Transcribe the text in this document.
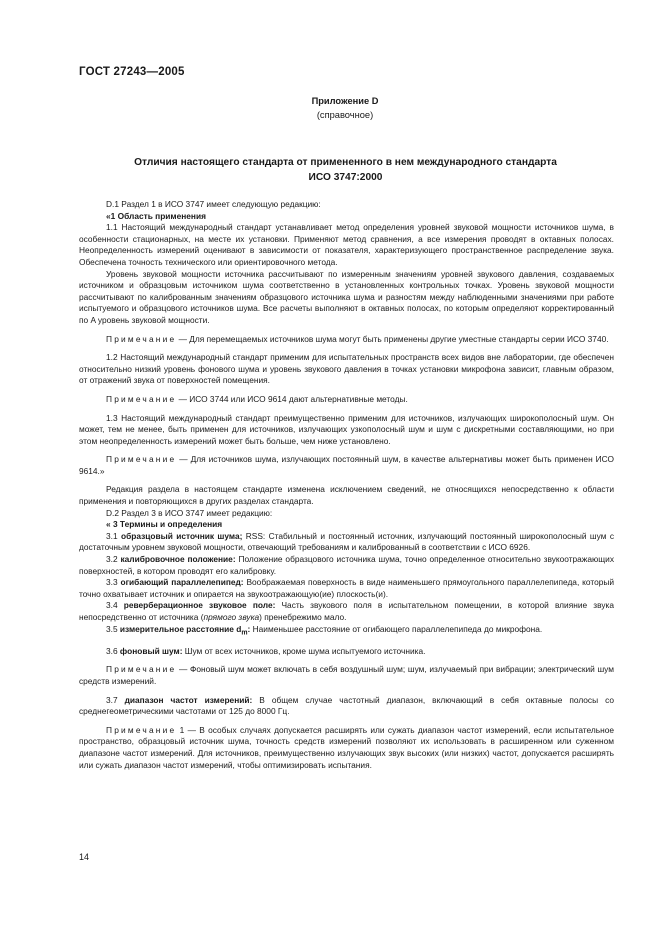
ГОСТ 27243—2005
Приложение D
(справочное)
Отличия настоящего стандарта от примененного в нем международного стандарта
ИСО 3747:2000

D.1 Раздел 1 в ИСО 3747 имеет следующую редакцию:

«1 Область применения

1.1 Настоящий международный стандарт устанавливает метод определения уровней звуковой мощности источников шума, в особенности стационарных, на месте их установки. Применяют метод сравнения, а все измерения проводят в октавных полосах. Неопределенность измерений оценивают в зависимости от показателя, характеризующего пространственное распределение звука. Обеспечена точность технического или ориентировочного метода.

Уровень звуковой мощности источника рассчитывают по измеренным значениям уровней звукового давления, создаваемых источником и образцовым источником шума соответственно в установленных контрольных точках. Уровень звуковой мощности рассчитывают по калиброванным значениям образцового источника шума и разностям между наблюденными значениями при работе испытуемого и образцового источников шума. Все расчеты выполняют в октавных полосах, по которым определяют корректированный по A уровень звуковой мощности.

Примечание — Для перемещаемых источников шума могут быть применены другие уместные стандарты серии ИСО 3740.

1.2 Настоящий международный стандарт применим для испытательных пространств всех видов вне лаборатории, где обеспечен относительно низкий уровень фонового шума и уровень звукового давления в точках установки микрофона зависит, главным образом, от отражений звука от поверхностей помещения.

Примечание — ИСО 3744 или ИСО 9614 дают альтернативные методы.

1.3 Настоящий международный стандарт преимущественно применим для источников, излучающих широкополосный шум. Он может, тем не менее, быть применен для источников, излучающих узкополосный шум и шум с дискретными составляющими, но при этом неопределенность измерений может быть больше, чем ниже установлено.

Примечание — Для источников шума, излучающих постоянный шум, в качестве альтернативы может быть применен ИСО 9614.»

Редакция раздела в настоящем стандарте изменена исключением сведений, не относящихся непосредственно к области применения и повторяющихся в других разделах стандарта.

D.2 Раздел 3 в ИСО 3747 имеет редакцию:

« 3 Термины и определения

3.1 образцовый источник шума; RSS: Стабильный и постоянный источник, излучающий постоянный широкополосный шум с достаточным уровнем звуковой мощности, отвечающий требованиям и калиброванный в соответствии с ИСО 6926.

3.2 калибровочное положение: Положение образцового источника шума, точно определенное относительно звукоотражающих поверхностей, в котором проводят его калибровку.

3.3 огибающий параллелепипед: Воображаемая поверхность в виде наименьшего прямоугольного параллелепипеда, который точно охватывает источник и опирается на звукоотражающую(ие) плоскость(и).

3.4 реверберационное звуковое поле: Часть звукового поля в испытательном помещении, в которой влияние звука непосредственно от источника (прямого звука) пренебрежимо мало.

3.5 измерительное расстояние $d_m$: Наименьшее расстояние от огибающего параллелепипеда до микрофона.

3.6 фоновый шум: Шум от всех источников, кроме шума испытуемого источника.

Примечание — Фоновый шум может включать в себя воздушный шум; шум, излучаемый при вибрации; электрический шум средств измерений.

3.7 диапазон частот измерений: В общем случае частотный диапазон, включающий в себя октавные полосы со среднегеометрическими частотами от 125 до 8000 Гц.

Примечание 1 — В особых случаях допускается расширять или сужать диапазон частот измерений, если испытательное пространство, образцовый источник шума, точность средств измерений позволяют их использовать в расширенном или суженном диапазоне частот измерений. Для источников, преимущественно излучающих звук высоких (или низких) частот, допускается расширять или сужать диапазон частот измерений, чтобы оптимизировать испытания.

14
